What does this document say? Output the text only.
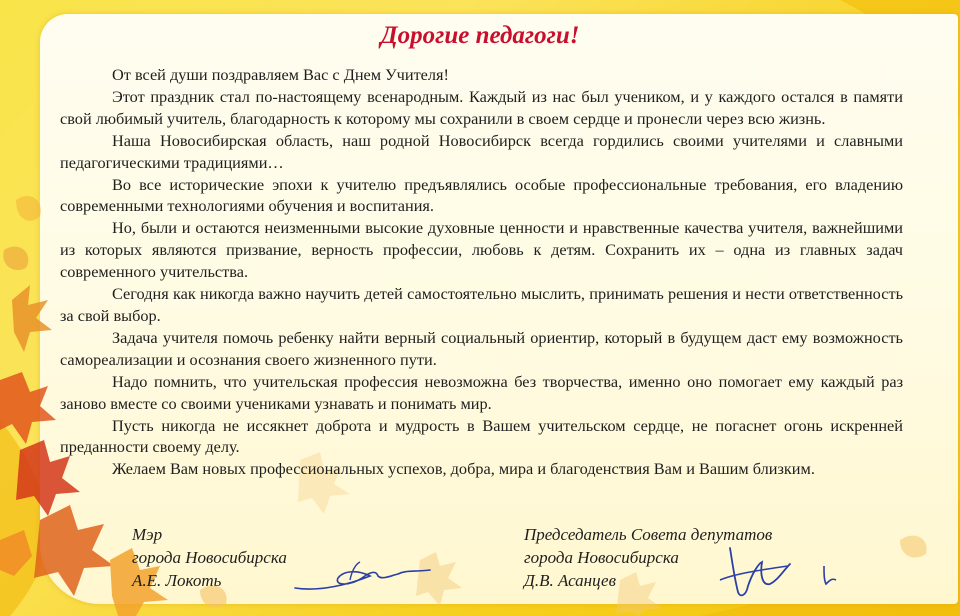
Дорогие педагоги!

От всей души поздравляем Вас с Днем Учителя!

Этот праздник стал по-настоящему всенародным. Каждый из нас был учеником, и у каждого остался в памяти свой любимый учитель, благодарность к которому мы сохранили в своем сердце и пронесли через всю жизнь.

Наша Новосибирская область, наш родной Новосибирск всегда гордились своими учителями и славными педагогическими традициями…

Во все исторические эпохи к учителю предъявлялись особые профессиональные требования, его владению современными технологиями обучения и воспитания.

Но, были и остаются неизменными высокие духовные ценности и нравственные качества учителя, важнейшими из которых являются призвание, верность профессии, любовь к детям. Сохранить их – одна из главных задач современного учительства.

Сегодня как никогда важно научить детей самостоятельно мыслить, принимать решения и нести ответственность за свой выбор.

Задача учителя помочь ребенку найти верный социальный ориентир, который в будущем даст ему возможность самореализации и осознания своего жизненного пути.

Надо помнить, что учительская профессия невозможна без творчества, именно оно помогает ему каждый раз заново вместе со своими учениками узнавать и понимать мир.

Пусть никогда не иссякнет доброта и мудрость в Вашем учительском сердце, не погаснет огонь искренней преданности своему делу.

Желаем Вам новых профессиональных успехов, добра, мира и благоденствия Вам и Вашим близким.

Мэр
города Новосибирска
А.Е. Локоть
Председатель Совета депутатов
города Новосибирска
Д.В. Асанцев
